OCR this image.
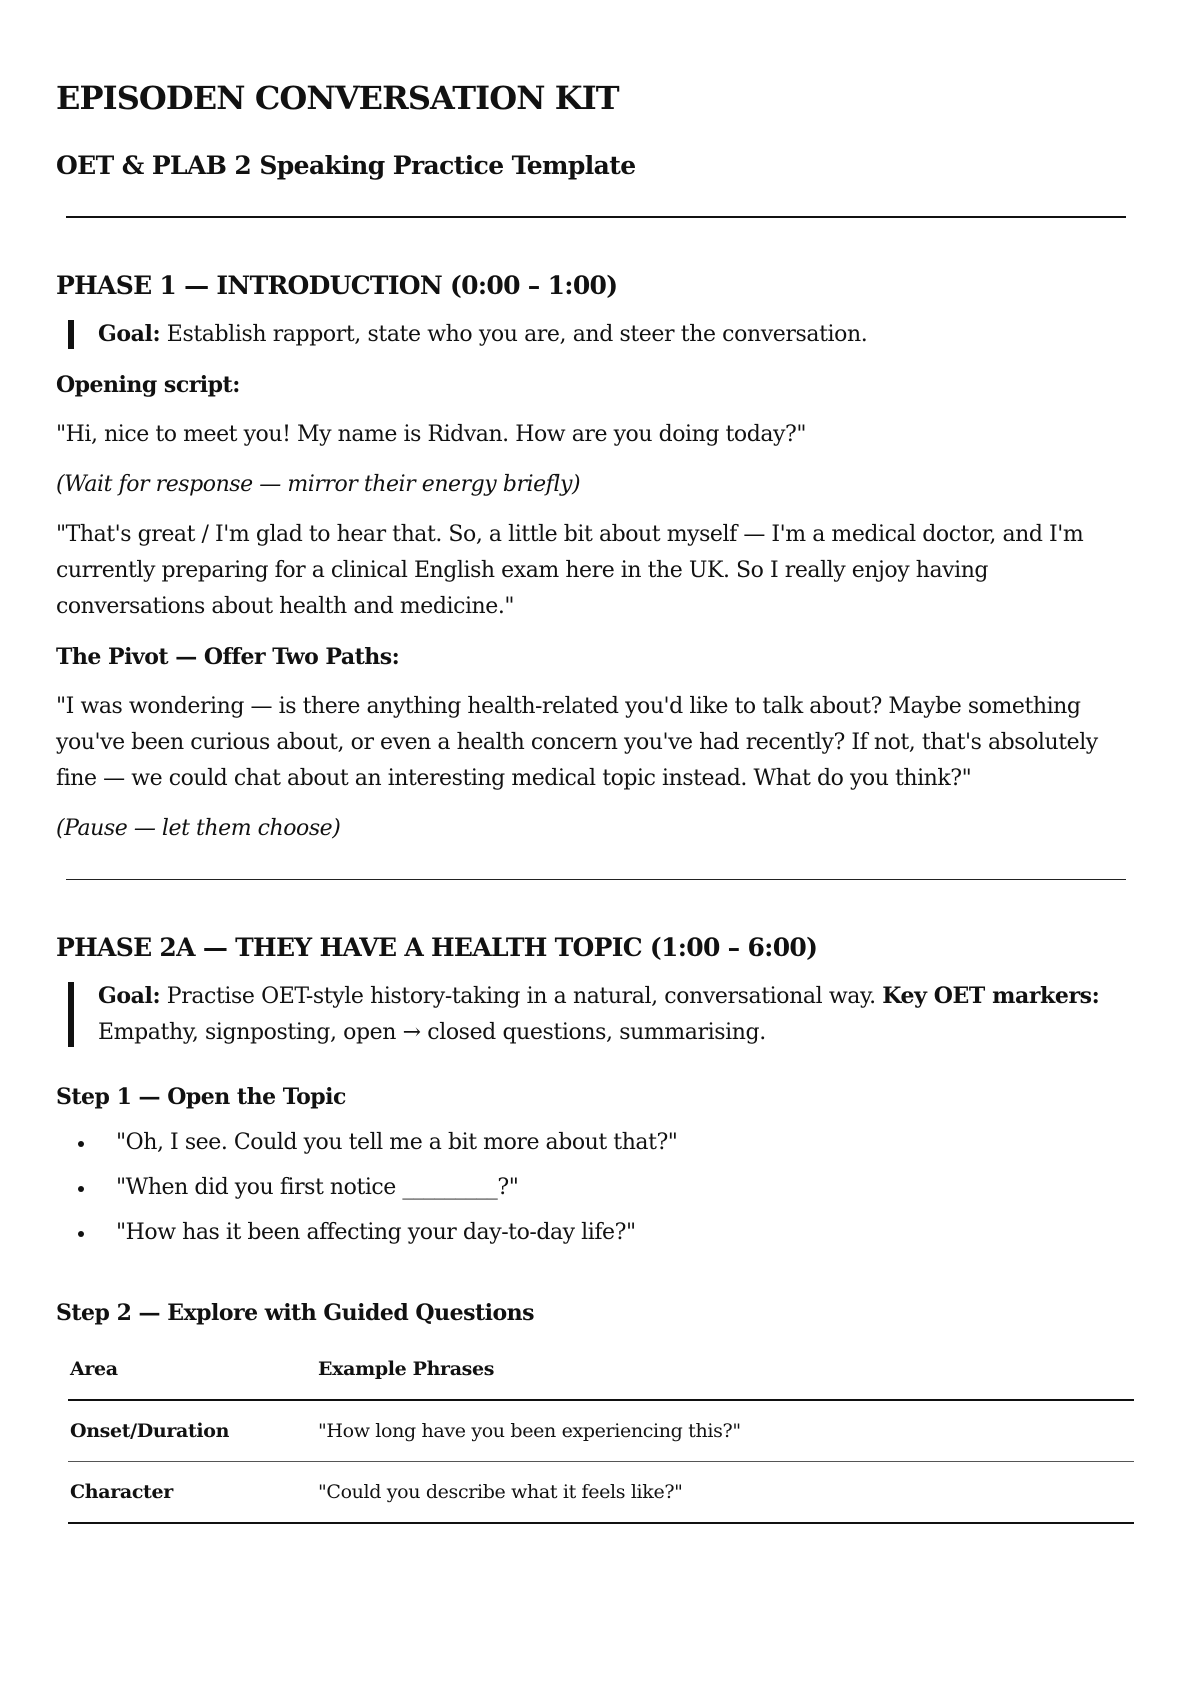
EPISODEN CONVERSATION KIT

OET & PLAB 2 Speaking Practice Template

PHASE 1 — INTRODUCTION (0:00 – 1:00)
Goal: Establish rapport, state who you are, and steer the conversation.

Opening script:

"Hi, nice to meet you! My name is Ridvan. How are you doing today?"

(Wait for response — mirror their energy briefly)

"That's great / I'm glad to hear that. So, a little bit about myself — I'm a medical doctor, and I'm currently preparing for a clinical English exam here in the UK. So I really enjoy having conversations about health and medicine."

The Pivot — Offer Two Paths:

"I was wondering — is there anything health-related you'd like to talk about? Maybe something you've been curious about, or even a health concern you've had recently? If not, that's absolutely fine — we could chat about an interesting medical topic instead. What do you think?"

(Pause — let them choose)

PHASE 2A — THEY HAVE A HEALTH TOPIC (1:00 – 6:00)
Goal: Practise OET-style history-taking in a natural, conversational way. Key OET markers: Empathy, signposting, open → closed questions, summarising.

Step 1 — Open the Topic

"Oh, I see. Could you tell me a bit more about that?"
"When did you first notice _________?"
"How has it been affecting your day-to-day life?"

Step 2 — Explore with Guided Questions

Area	Example Phrases
Onset/Duration	"How long have you been experiencing this?"
Character	"Could you describe what it feels like?"
